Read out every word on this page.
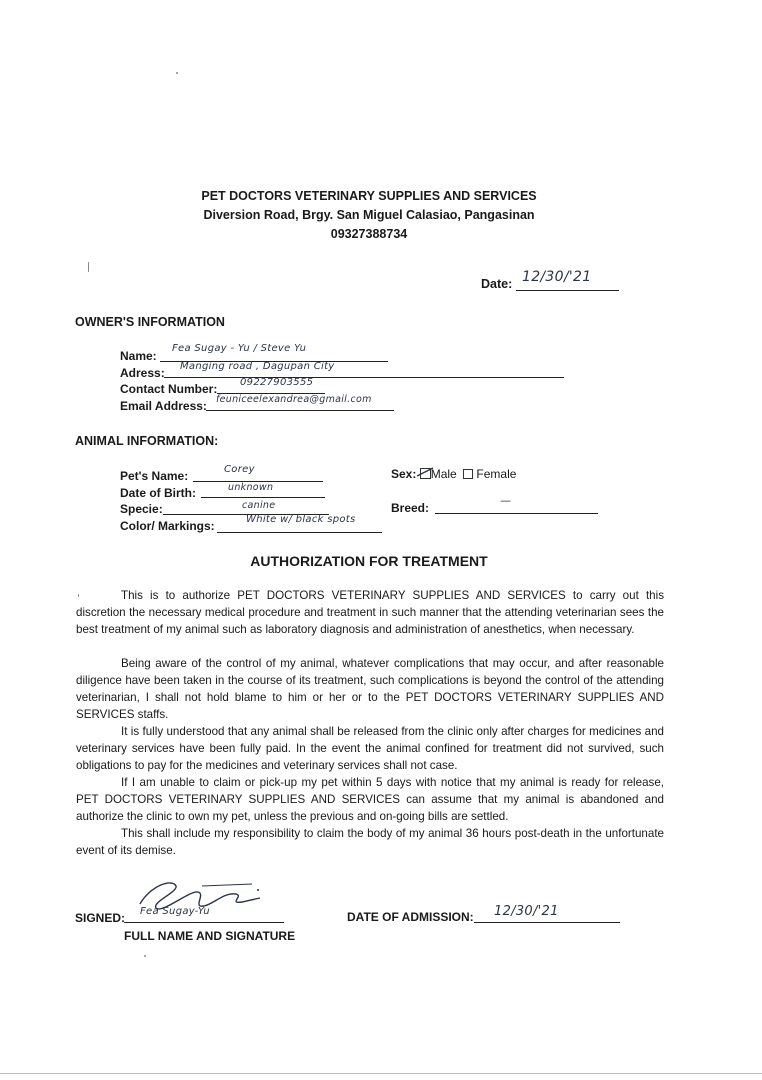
PET DOCTORS VETERINARY SUPPLIES AND SERVICES
Diversion Road, Brgy. San Miguel Calasiao, Pangasinan
09327388734
Date: 12/30/'21
OWNER'S INFORMATION
Name:
Fea Sugay - Yu / Steve Yu
Adress: Manging road , Dagupan City
Contact Number: 09227903555
Email Address: feuniceelexandrea@gmail.com
ANIMAL INFORMATION:
Pet's Name:	Corey
Date of Birth:	unknown
Specie:	canine
Color/ Markings:	White w/ black spots
Sex: Male Female
Breed:
—
AUTHORIZATION FOR TREATMENT
This is to authorize PET DOCTORS VETERINARY SUPPLIES AND SERVICES to carry out this discretion the necessary medical procedure and treatment in such manner that the attending veterinarian sees the best treatment of my animal such as laboratory diagnosis and administration of anesthetics, when necessary.
Being aware of the control of my animal, whatever complications that may occur, and after reasonable diligence have been taken in the course of its treatment, such complications is beyond the control of the attending veterinarian, I shall not hold blame to him or her or to the PET DOCTORS VETERINARY SUPPLIES AND SERVICES staffs.
It is fully understood that any animal shall be released from the clinic only after charges for medicines and veterinary services have been fully paid. In the event the animal confined for treatment did not survived, such obligations to pay for the medicines and veterinary services shall not case.
If I am unable to claim or pick-up my pet within 5 days with notice that my animal is ready for release, PET DOCTORS VETERINARY SUPPLIES AND SERVICES can assume that my animal is abandoned and authorize the clinic to own my pet, unless the previous and on-going bills are settled.
This shall include my responsibility to claim the body of my animal 36 hours post-death in the unfortunate event of its demise.
SIGNED: Fea Sugay-Yu
FULL NAME AND SIGNATURE
DATE OF ADMISSION: 12/30/'21
